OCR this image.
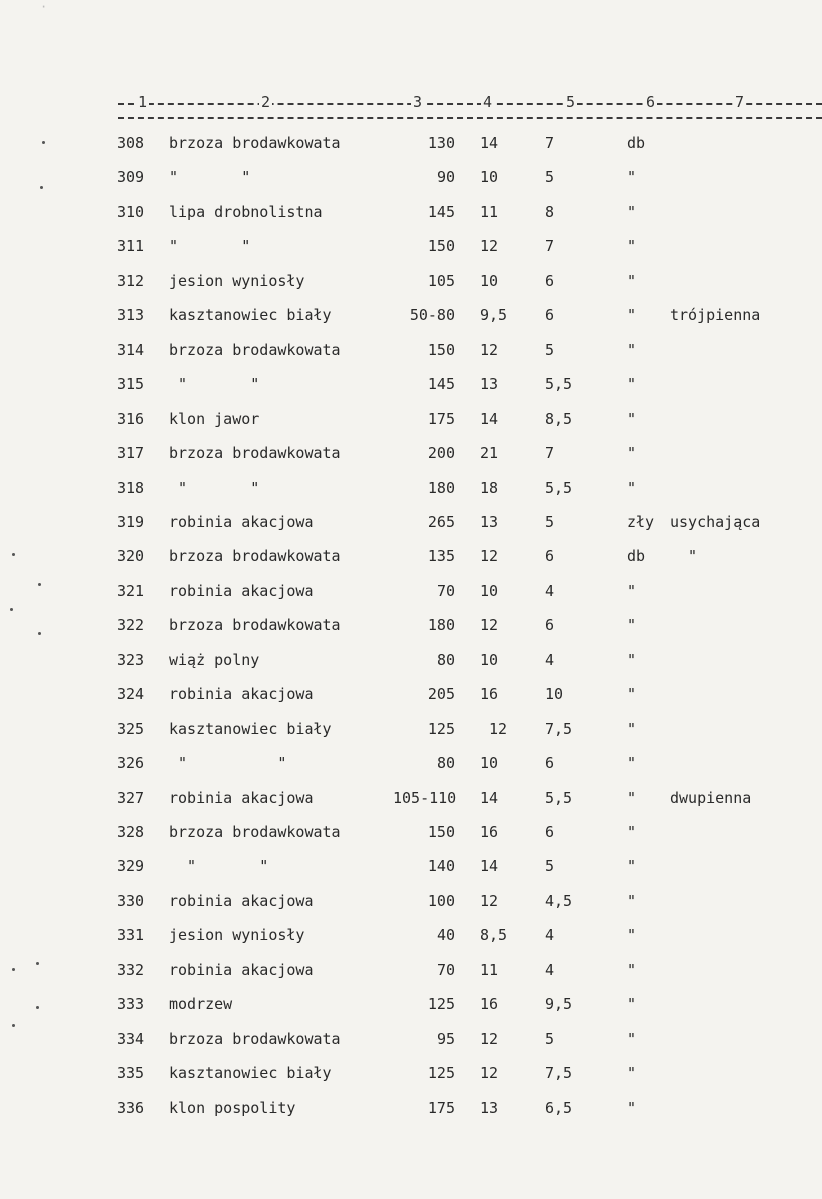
·
1	2	3	4	5	6	7
308	brzoza brodawkowata	130 14	7	db
309	"       "	90 10	5	"
310	lipa drobnolistna	145 11	8	"
311	"       "	150 12	7	"
312	jesion wyniosły	105 10	6	"
313	kasztanowiec biały	50-80 9,5	6	"	trójpienna
314	brzoza brodawkowata	150 12	5	"
315	"       "	145 13	5,5	"
316	klon jawor	175 14	8,5	"
317	brzoza brodawkowata	200 21	7	"
318	"       "	180 18	5,5	"
319	robinia akacjowa	265 13	5	zły	usychająca
320	brzoza brodawkowata	135 12	6	db	"
321	robinia akacjowa	70 10	4	"
322	brzoza brodawkowata	180 12	6	"
323	wiąż polny	80 10	4	"
324	robinia akacjowa	205 16	10	"
325	kasztanowiec biały	125 12	7,5	"
326	"          "	80 10	6	"
327	robinia akacjowa	105-110 14	5,5	"	dwupienna
328	brzoza brodawkowata	150 16	6	"
329	"       "	140 14	5	"
330	robinia akacjowa	100 12	4,5	"
331	jesion wyniosły	40 8,5	4	"
332	robinia akacjowa	70 11	4	"
333	modrzew	125 16	9,5	"
334	brzoza brodawkowata	95 12	5	"
335	kasztanowiec biały	125 12	7,5	"
336	klon pospolity	175 13	6,5	"
